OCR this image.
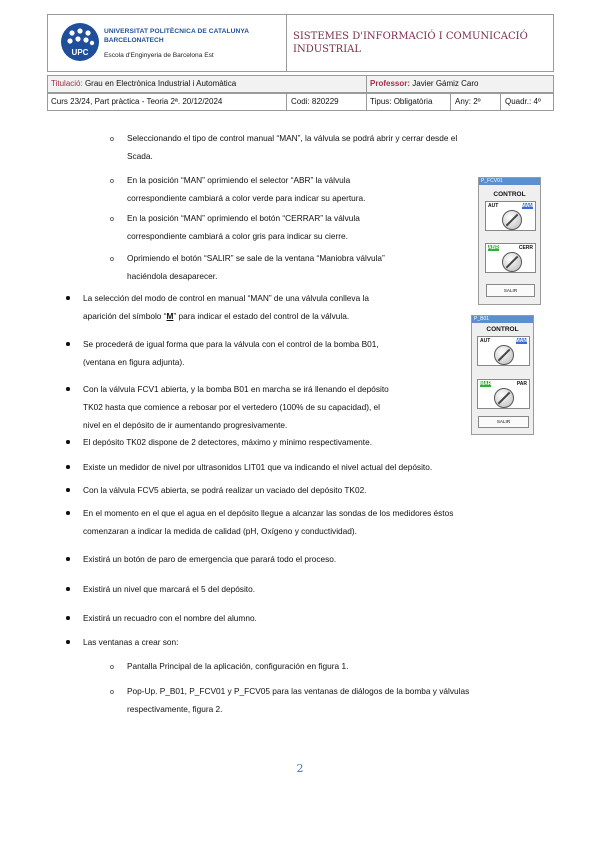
UPC
UNIVERSITAT POLITÈCNICA DE CATALUNYA
BARCELONATECH
Escola d'Enginyeria de Barcelona Est
SISTEMES D'INFORMACIÓ I COMUNICACIÓ
INDUSTRIAL
Titulació: Grau en Electrònica Industrial i Automàtica	Professor: Javier Gámiz Caro
Curs 23/24, Part pràctica - Teoria 2ª. 20/12/2024	Codi: 820229	Tipus: Obligatòria	Any: 2º	Quadr.: 4º
o Seleccionando el tipo de control manual “MAN”, la válvula se podrá abrir y cerrar desde el
Scada.
o En la posición “MAN” oprimiendo el selector “ABR” la válvula
correspondiente cambiará a color verde para indicar su apertura.
o En la posición “MAN” oprimiendo el botón “CERRAR” la válvula
correspondiente cambiará a color gris para indicar su cierre.
o Oprimiendo el botón “SALIR” se sale de la ventana “Maniobra válvula”
haciéndola desaparecer.
P_FCV01
CONTROL
AUT	MAN
ABR	CERR
SALIR
La selección del modo de control en manual “MAN” de una válvula conlleva la
aparición del símbolo “M” para indicar el estado del control de la válvula.
Se procederá de igual forma que para la válvula con el control de la bomba B01,
(ventana en figura adjunta).
P_B01
CONTROL
AUT	MAN
MAR	PAR
SALIR
Con la válvula FCV1 abierta, y la bomba B01 en marcha se irá llenando el depósito
TK02 hasta que comience a rebosar por el vertedero (100% de su capacidad), el
nivel en el depósito de ir aumentando progresivamente.
El depósito TK02 dispone de 2 detectores, máximo y mínimo respectivamente.
Existe un medidor de nivel por ultrasonidos LIT01 que va indicando el nivel actual del depósito.
Con la válvula FCV5 abierta, se podrá realizar un vaciado del depósito TK02.
En el momento en el que el agua en el depósito llegue a alcanzar las sondas de los medidores éstos
comenzaran a indicar la medida de calidad (pH, Oxígeno y conductividad).
Existirá un botón de paro de emergencia que parará todo el proceso.
Existirá un nivel que marcará el 5 del depósito.
Existirá un recuadro con el nombre del alumno.
Las ventanas a crear son:
o Pantalla Principal de la aplicación, configuración en figura 1.
o Pop-Up. P_B01, P_FCV01 y P_FCV05 para las ventanas de diálogos de la bomba y válvulas
respectivamente, figura 2.
2
